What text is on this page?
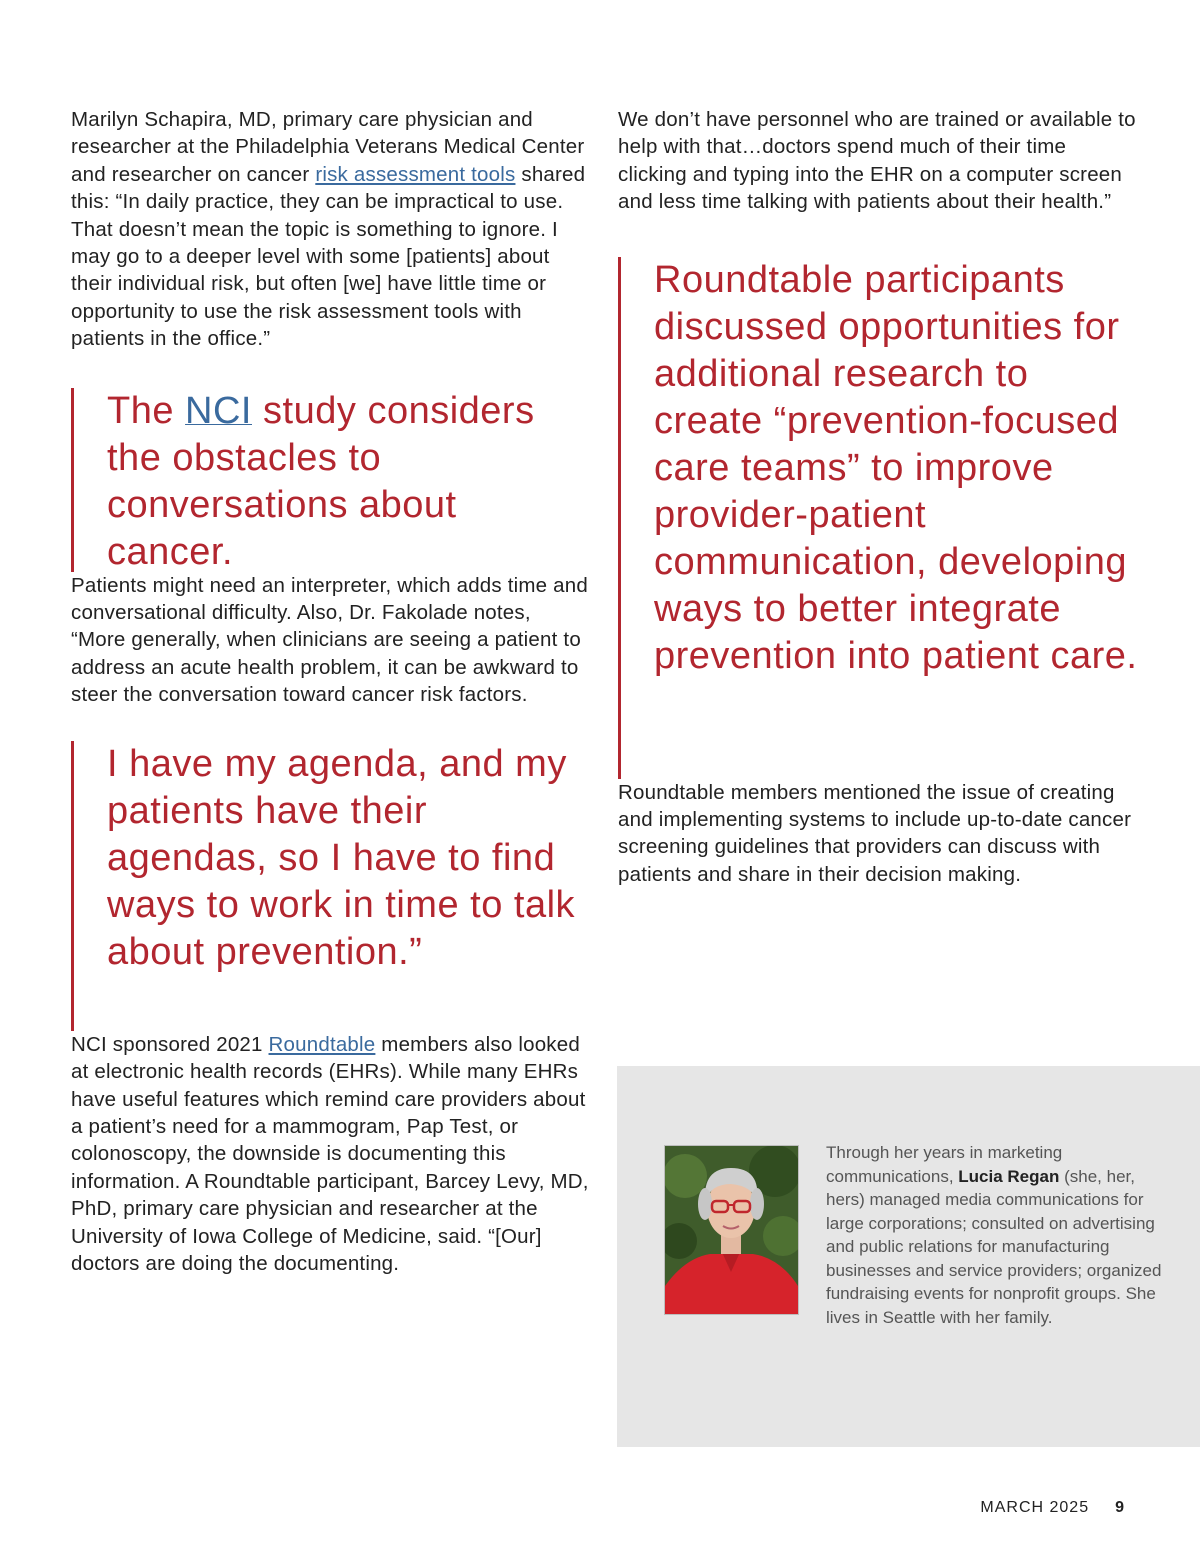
Marilyn Schapira, MD, primary care physician and researcher at the Philadelphia Veterans Medical Center and researcher on cancer risk assessment tools shared this: “In daily practice, they can be impractical to use. That doesn’t mean the topic is something to ignore. I may go to a deeper level with some [patients] about their individual risk, but often [we] have little time or opportunity to use the risk assessment tools with patients in the office.”

The NCI study considers the obstacles to conversations about cancer.

Patients might need an interpreter, which adds time and conversational difficulty. Also, Dr. Fakolade notes, “More generally, when clinicians are seeing a patient to address an acute health problem, it can be awkward to steer the conversation toward cancer risk factors.

I have my agenda, and my patients have their agendas, so I have to find ways to work in time to talk about prevention.”

NCI sponsored 2021 Roundtable members also looked at electronic health records (EHRs). While many EHRs have useful features which remind care providers about a patient’s need for a mammogram, Pap Test, or colonoscopy, the downside is documenting this information. A Roundtable participant, Barcey Levy, MD, PhD, primary care physician and researcher at the University of Iowa College of Medicine, said. “[Our] doctors are doing the documenting.

We don’t have personnel who are trained or available to help with that…doctors spend much of their time clicking and typing into the EHR on a computer screen and less time talking with patients about their health.”

Roundtable participants discussed opportunities for additional research to create “prevention-focused care teams” to improve provider-patient communication, developing ways to better integrate prevention into patient care.

Roundtable members mentioned the issue of creating and implementing systems to include up-to-date cancer screening guidelines that providers can discuss with patients and share in their decision making.

Through her years in marketing communications, Lucia Regan (she, her, hers) managed media communications for large corporations; consulted on advertising and public relations for manufacturing businesses and service providers; organized fundraising events for nonprofit groups. She lives in Seattle with her family.
MARCH 2025 9
